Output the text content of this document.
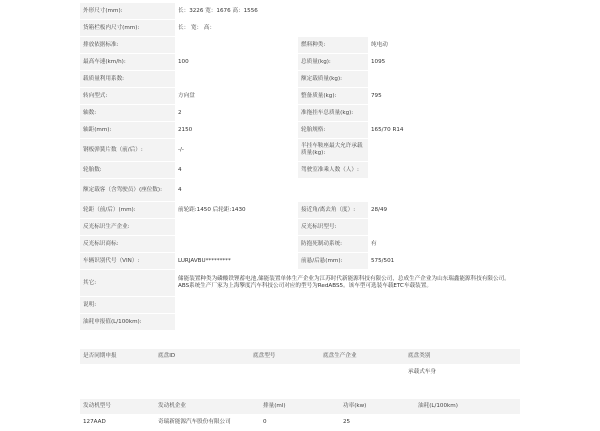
外形尺寸(mm):	长：3226 宽：1676 高：1556		
货箱栏板内尺寸(mm):	长： 宽： 高：		
排放依据标准:		燃料种类:	纯电动
最高车速(km/h):	100	总质量(kg):	1095
载质量利用系数:		额定载质量(kg):	
转向型式:	方向盘	整备质量(kg):	795
轴数:	2	准拖挂车总质量(kg):	
轴距(mm):	2150	轮胎规格:	165/70 R14
钢板弹簧片数（前/后）:	-/-	半挂车鞍座最大允许承载质量(kg):	
轮胎数:	4	驾驶室准乘人数（人）:	
额定载客（含驾驶员）(座位数):	4		
轮距（前/后）(mm):	前轮距:1450 后轮距:1430	接近角/离去角（度）:	28/49
反光标识生产企业:		反光标识型号:	
反光标识商标:		防抱死制动系统:	有
车辆识别代号（VIN）:	LURJAVBU*********	前悬/后悬(mm):	575/501
其它:	储能装置种类为磷酸铁锂蓄电池,储能装置单体生产企业为江苏时代新能源科技有限公司，总成生产企业为山东瑞鑫能源科技有限公司。ABS系统生产厂家为上海擎度汽车科技公司对应的型号为RedABS5。该车型可选装车载ETC车载装置。		
说明:			
油耗申报值(L/100km):			
是否同期申报	底盘ID	底盘型号	底盘生产企业	底盘类别
				承载式车身
发动机型号	发动机企业	排量(ml)	功率(kw)	油耗(L/100km)
127AAD	奇瑞新能源汽车股份有限公司	0	25	
